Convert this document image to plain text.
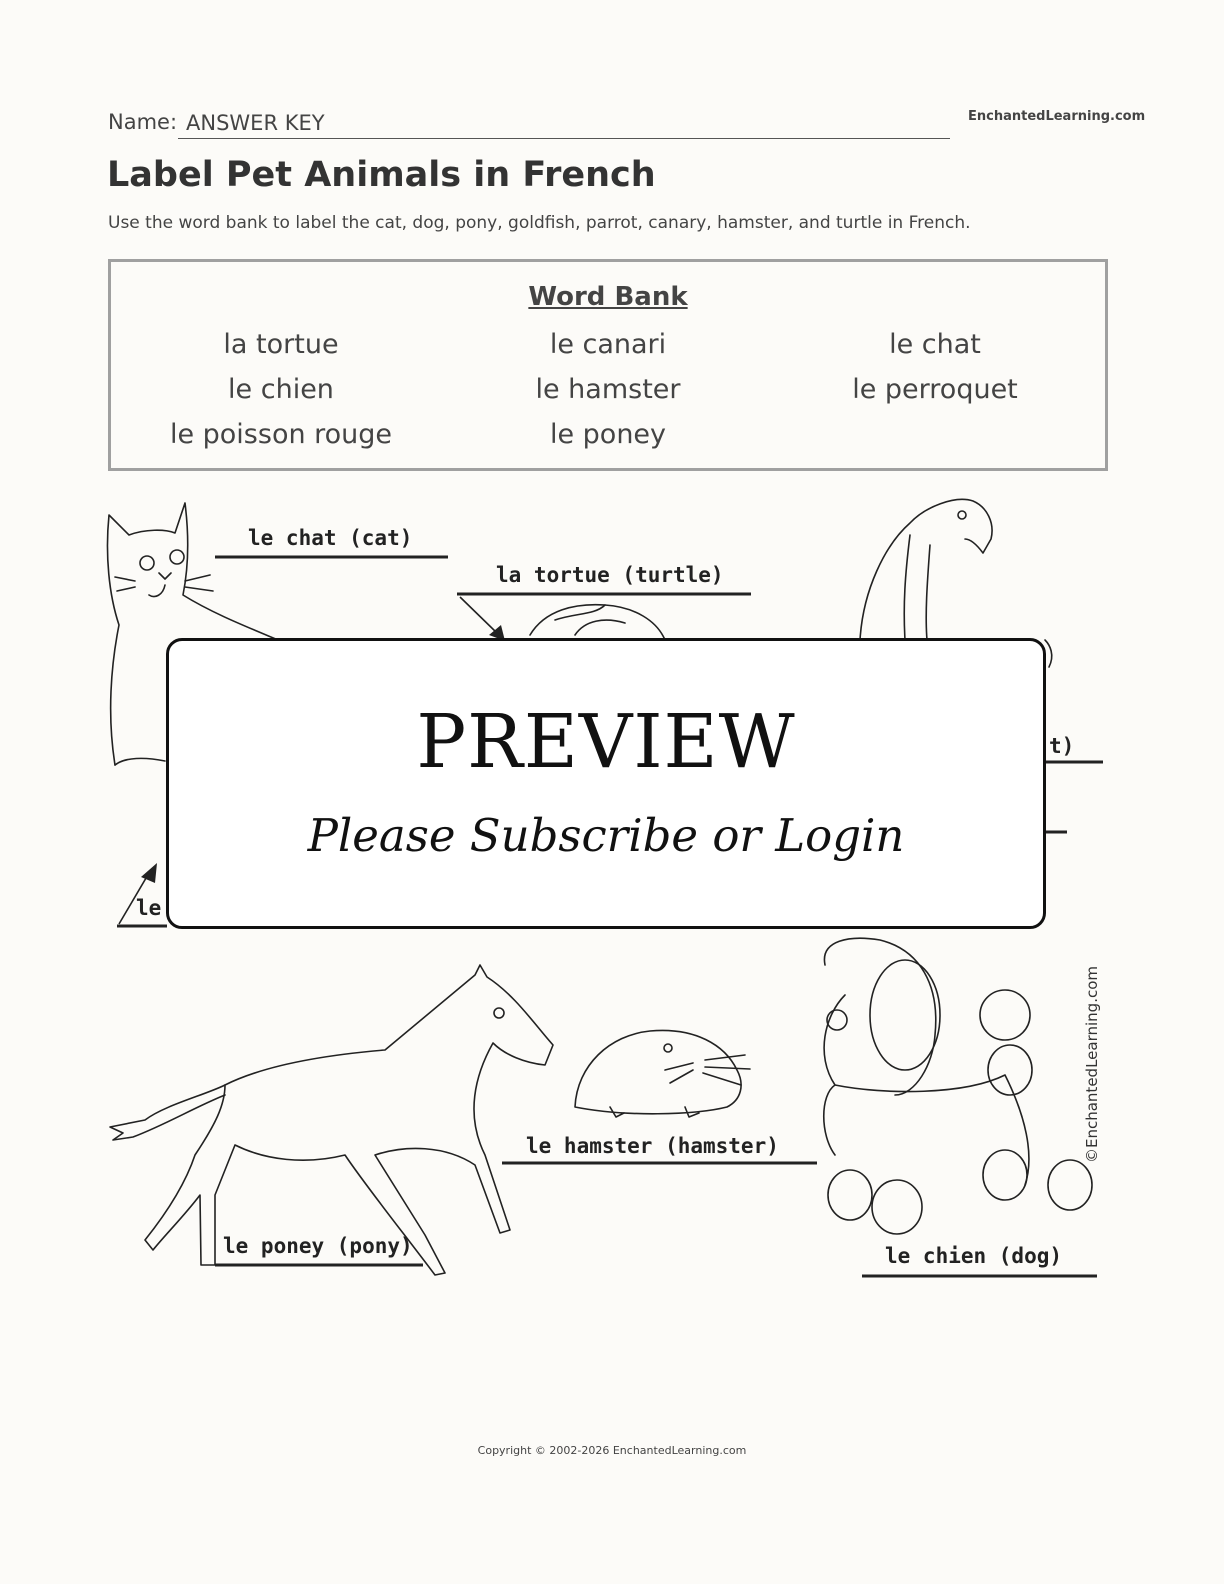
Name: ANSWER KEY	EnchantedLearning.com
Label Pet Animals in French
Use the word bank to label the cat, dog, pony, goldfish, parrot, canary, hamster, and turtle in French.
Word Bank
la tortue
le chien
le poisson rouge
le canari
le hamster
le poney
le chat
le perroquet
le chat (cat)
la tortue (turtle)
t)
le
le poney (pony)
le hamster (hamster)
le chien (dog)
©EnchantedLearning.com
PREVIEW
Please Subscribe or Login
Copyright © 2002-2026 EnchantedLearning.com
